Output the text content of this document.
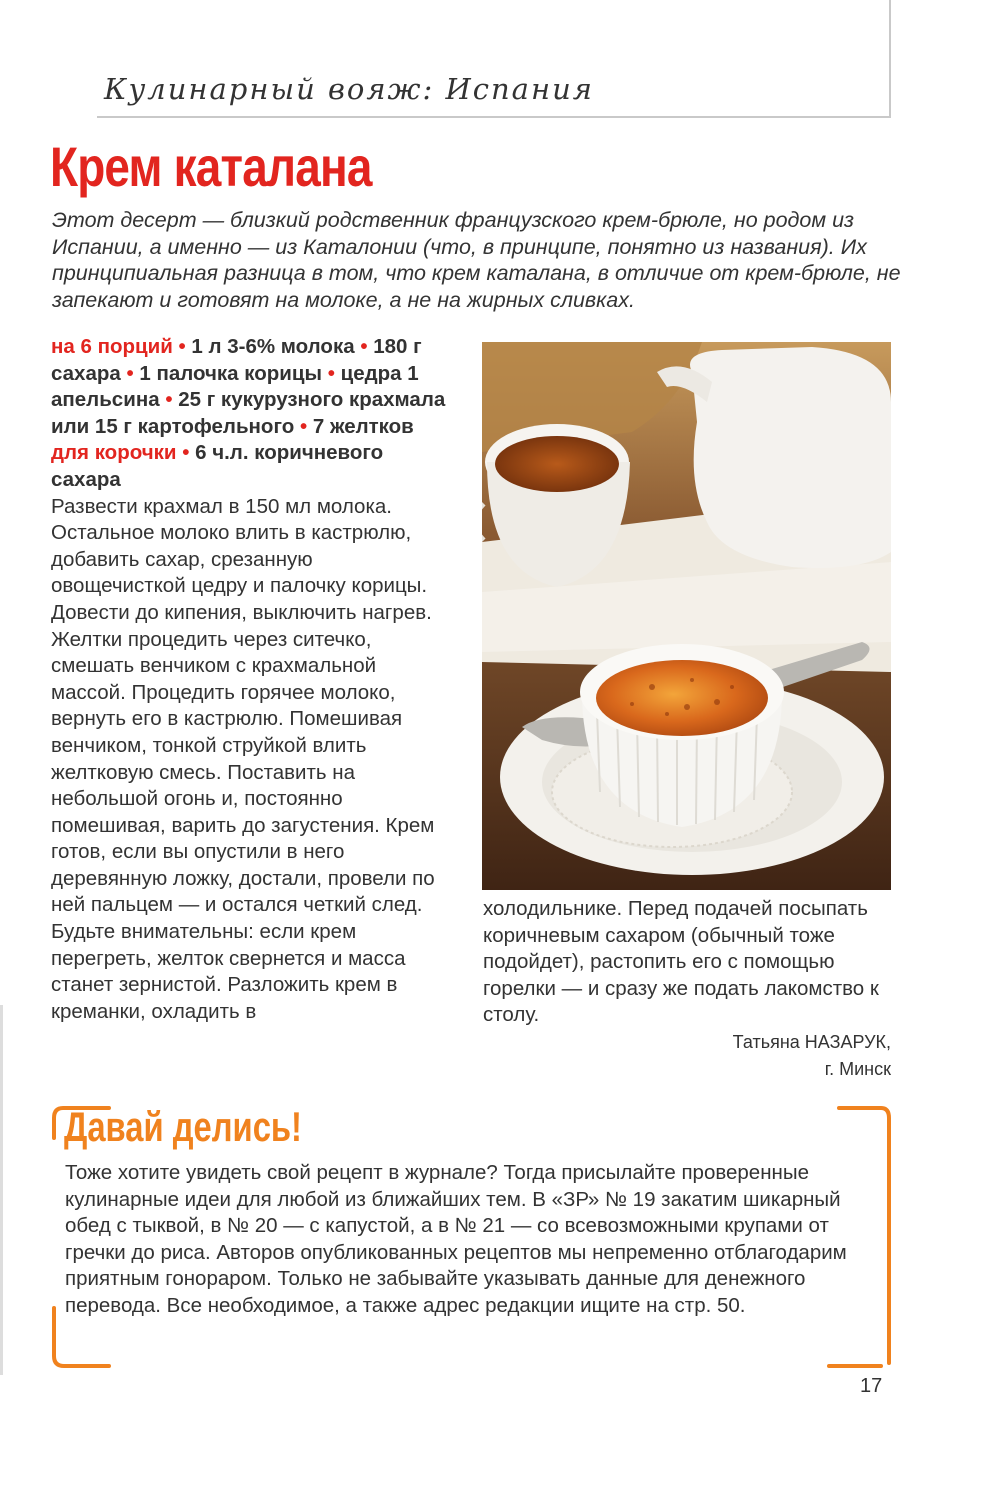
Кулинарный вояж: Испания
Крем каталана
Этот десерт — близкий родственник французского крем-брюле, но родом из Испании, а именно — из Каталонии (что, в принципе, понятно из названия). Их принципиальная разница в том, что крем каталана, в отличие от крем-брюле, не запекают и готовят на молоке, а не на жирных сливках.
на 6 порций • 1 л 3-6% молока • 180 г сахара • 1 палочка корицы • цедра 1 апельсина • 25 г кукурузного крахмала или 15 г картофельного • 7 желтков
для корочки • 6 ч.л. коричневого сахара
Развести крахмал в 150 мл молока. Остальное молоко влить в кастрюлю, добавить сахар, срезанную овощечисткой цедру и палочку корицы. Довести до кипения, выключить нагрев. Желтки процедить через ситечко, смешать венчиком с крахмальной массой. Процедить горячее молоко, вернуть его в кастрюлю. Помешивая венчиком, тонкой струйкой влить желтковую смесь. Поставить на небольшой огонь и, постоянно помешивая, варить до загустения. Крем готов, если вы опустили в него деревянную ложку, достали, провели по ней пальцем — и остался четкий след. Будьте внимательны: если крем перегреть, желток свернется и масса станет зернистой. Разложить крем в креманки, охладить в
холодильнике. Перед подачей посыпать коричневым сахаром (обычный тоже подойдет), растопить его с помощью горелки — и сразу же подать лакомство к столу.
Татьяна НАЗАРУК,
г. Минск
Давай делись!
Тоже хотите увидеть свой рецепт в журнале? Тогда присылайте проверенные кулинарные идеи для любой из ближайших тем. В «ЗР» № 19 закатим шикарный обед с тыквой, в № 20 — с капустой, а в № 21 — со всевозможными крупами от гречки до риса. Авторов опубликованных рецептов мы непременно отблагодарим приятным гонораром. Только не забывайте указывать данные для денежного перевода. Все необходимое, а также адрес редакции ищите на стр. 50.
17
